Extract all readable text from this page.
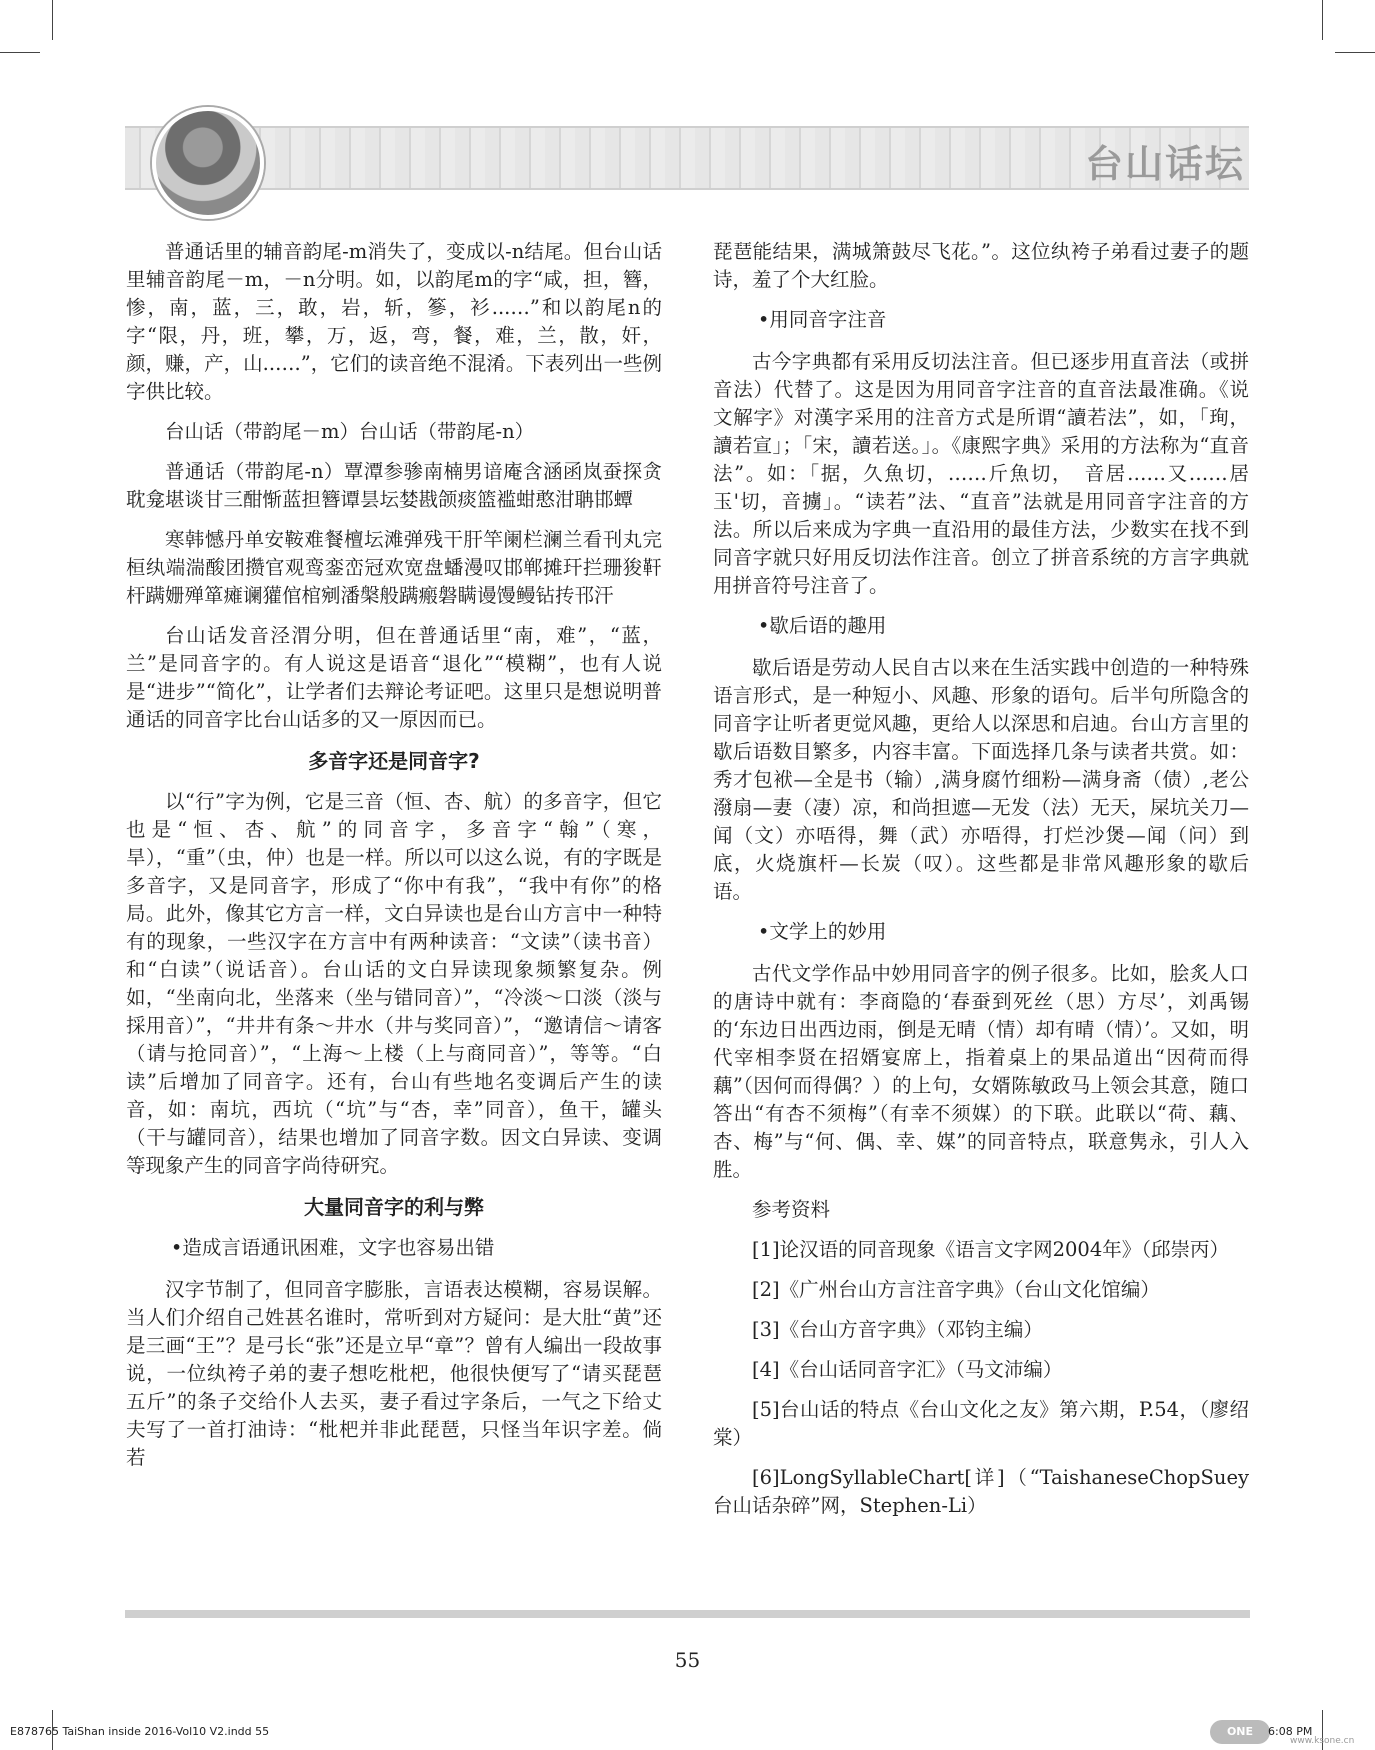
台山话坛

普通话里的辅音韵尾-m消失了，变成以-n结尾。但台山话里辅音韵尾－m，－n分明。如，以韵尾m的字“咸，担，簪，惨，南，蓝，三，敢，岩，斩，篸，衫...…”和以韵尾n的字“限，丹，班，攀，万，返，弯，餐，难，兰，散，奸，颜，赚，产，山..….”，它们的读音绝不混淆。下表列出一些例字供比较。

台山话（带韵尾－m）台山话（带韵尾-n）

普通话（带韵尾-n）覃潭参骖南楠男谙庵含涵函岚蚕探贪耽龛堪谈甘三酣惭蓝担簪谭昙坛婪戡颌痰篮褴蚶憨泔聃邯蟫

寒韩憾丹单安鞍难餐檀坛滩弹残干肝竿阑栏澜兰看刊丸完桓纨端湍酸团攒官观鸾銮峦冠欢宽盘蟠漫叹邯郸摊玕拦珊狻靬杆蹒姗殚箪瘫谰獾倌棺剜潘槃般蹒瘢磐瞒谩馒鳗钻抟邗汗

台山话发音泾渭分明，但在普通话里“南，难”，“蓝，兰”是同音字的。有人说这是语音“退化”“模糊”，也有人说是“进步”“简化”，让学者们去辩论考证吧。这里只是想说明普通话的同音字比台山话多的又一原因而已。

多音字还是同音字?

以“行”字为例，它是三音（恒、杏、航）的多音字，但它也是“恒、杏、航”的同音字，多音字“翰”（寒，旱），“重”（虫，仲）也是一样。所以可以这么说，有的字既是多音字，又是同音字，形成了“你中有我”，“我中有你”的格局。此外，像其它方言一样，文白异读也是台山方言中一种特有的现象，一些汉字在方言中有两种读音：“文读”（读书音）和“白读”（说话音）。台山话的文白异读现象频繁复杂。例如，“坐南向北，坐落来（坐与错同音）”，“冷淡～口淡（淡与採用音）”，“井井有条～井水（井与奖同音）”，“邀请信～请客（请与抢同音）”，“上海～上楼（上与商同音）”，等等。“白读”后增加了同音字。还有，台山有些地名变调后产生的读音，如：南坑，西坑（“坑”与“杏，幸”同音），鱼干，罐头（干与罐同音），结果也增加了同音字数。因文白异读、变调等现象产生的同音字尚待研究。

大量同音字的利与弊

•造成言语通讯困难，文字也容易出错

汉字节制了，但同音字膨胀，言语表达模糊，容易误解。当人们介绍自己姓甚名谁时，常听到对方疑问：是大肚“黄”还是三画“王”？是弓长“张”还是立早“章”？曾有人编出一段故事说，一位纨袴子弟的妻子想吃枇杷，他很快便写了“请买琵琶五斤”的条子交给仆人去买，妻子看过字条后，一气之下给丈夫写了一首打油诗：“枇杷并非此琵琶，只怪当年识字差。倘若

琵琶能结果，满城箫鼓尽飞花。”。这位纨袴子弟看过妻子的题诗，羞了个大红脸。

•用同音字注音

古今字典都有采用反切法注音。但已逐步用直音法（或拼音法）代替了。这是因为用同音字注音的直音法最准确。《说文解字》对漢字采用的注音方式是所谓“讀若法”，如，「珣，讀若宣」；「宋，讀若送。」。《康熙字典》采用的方法称为“直音法”。如：「据，久魚切，……斤魚切，　音居……又……居玉'切，音擄」。“读若”法、“直音”法就是用同音字注音的方法。所以后来成为字典一直沿用的最佳方法，少数实在找不到同音字就只好用反切法作注音。创立了拼音系统的方言字典就用拼音符号注音了。

•歇后语的趣用

歇后语是劳动人民自古以来在生活实践中创造的一种特殊语言形式，是一种短小、风趣、形象的语句。后半句所隐含的同音字让听者更觉风趣，更给人以深思和启迪。台山方言里的歇后语数目繁多，内容丰富。下面选择几条与读者共赏。如：秀才包袱—全是书（输）,满身腐竹细粉—满身斋（债）,老公潑扇—妻（凄）凉，和尚担遮—无发（法）无天，屎坑关刀—闻（文）亦唔得，舞（武）亦唔得，打烂沙煲—闻（问）到底，火烧旗杆—长炭（叹）。这些都是非常风趣形象的歇后语。

•文学上的妙用

古代文学作品中妙用同音字的例子很多。比如，脍炙人口的唐诗中就有：李商隐的‘春蚕到死丝（思）方尽’，刘禹锡的‘东边日出西边雨，倒是无晴（情）却有晴（情）’。又如，明代宰相李贤在招婿宴席上，指着桌上的果品道出“因荷而得藕”（因何而得偶？）的上句，女婿陈敏政马上领会其意，随口答出“有杏不须梅”（有幸不须媒）的下联。此联以“荷、藕、杏、梅”与“何、偶、幸、媒”的同音特点，联意隽永，引人入胜。

参考资料

[1]论汉语的同音现象《语言文字网2004年》（邱崇丙）

[2]《广州台山方言注音字典》（台山文化馆编）

[3]《台山方音字典》（邓钧主编）

[4]《台山话同音字汇》（马文沛编）

[5]台山话的特点《台山文化之友》第六期，P.54，（廖绍棠）

[6]LongSyllableChart[详]（“TaishaneseChopSuey台山话杂碎”网，Stephen-Li）

55
E878765 TaiShan inside 2016-Vol10 V2.indd 55	ONE	6:08 PM
www.ksone.cn
